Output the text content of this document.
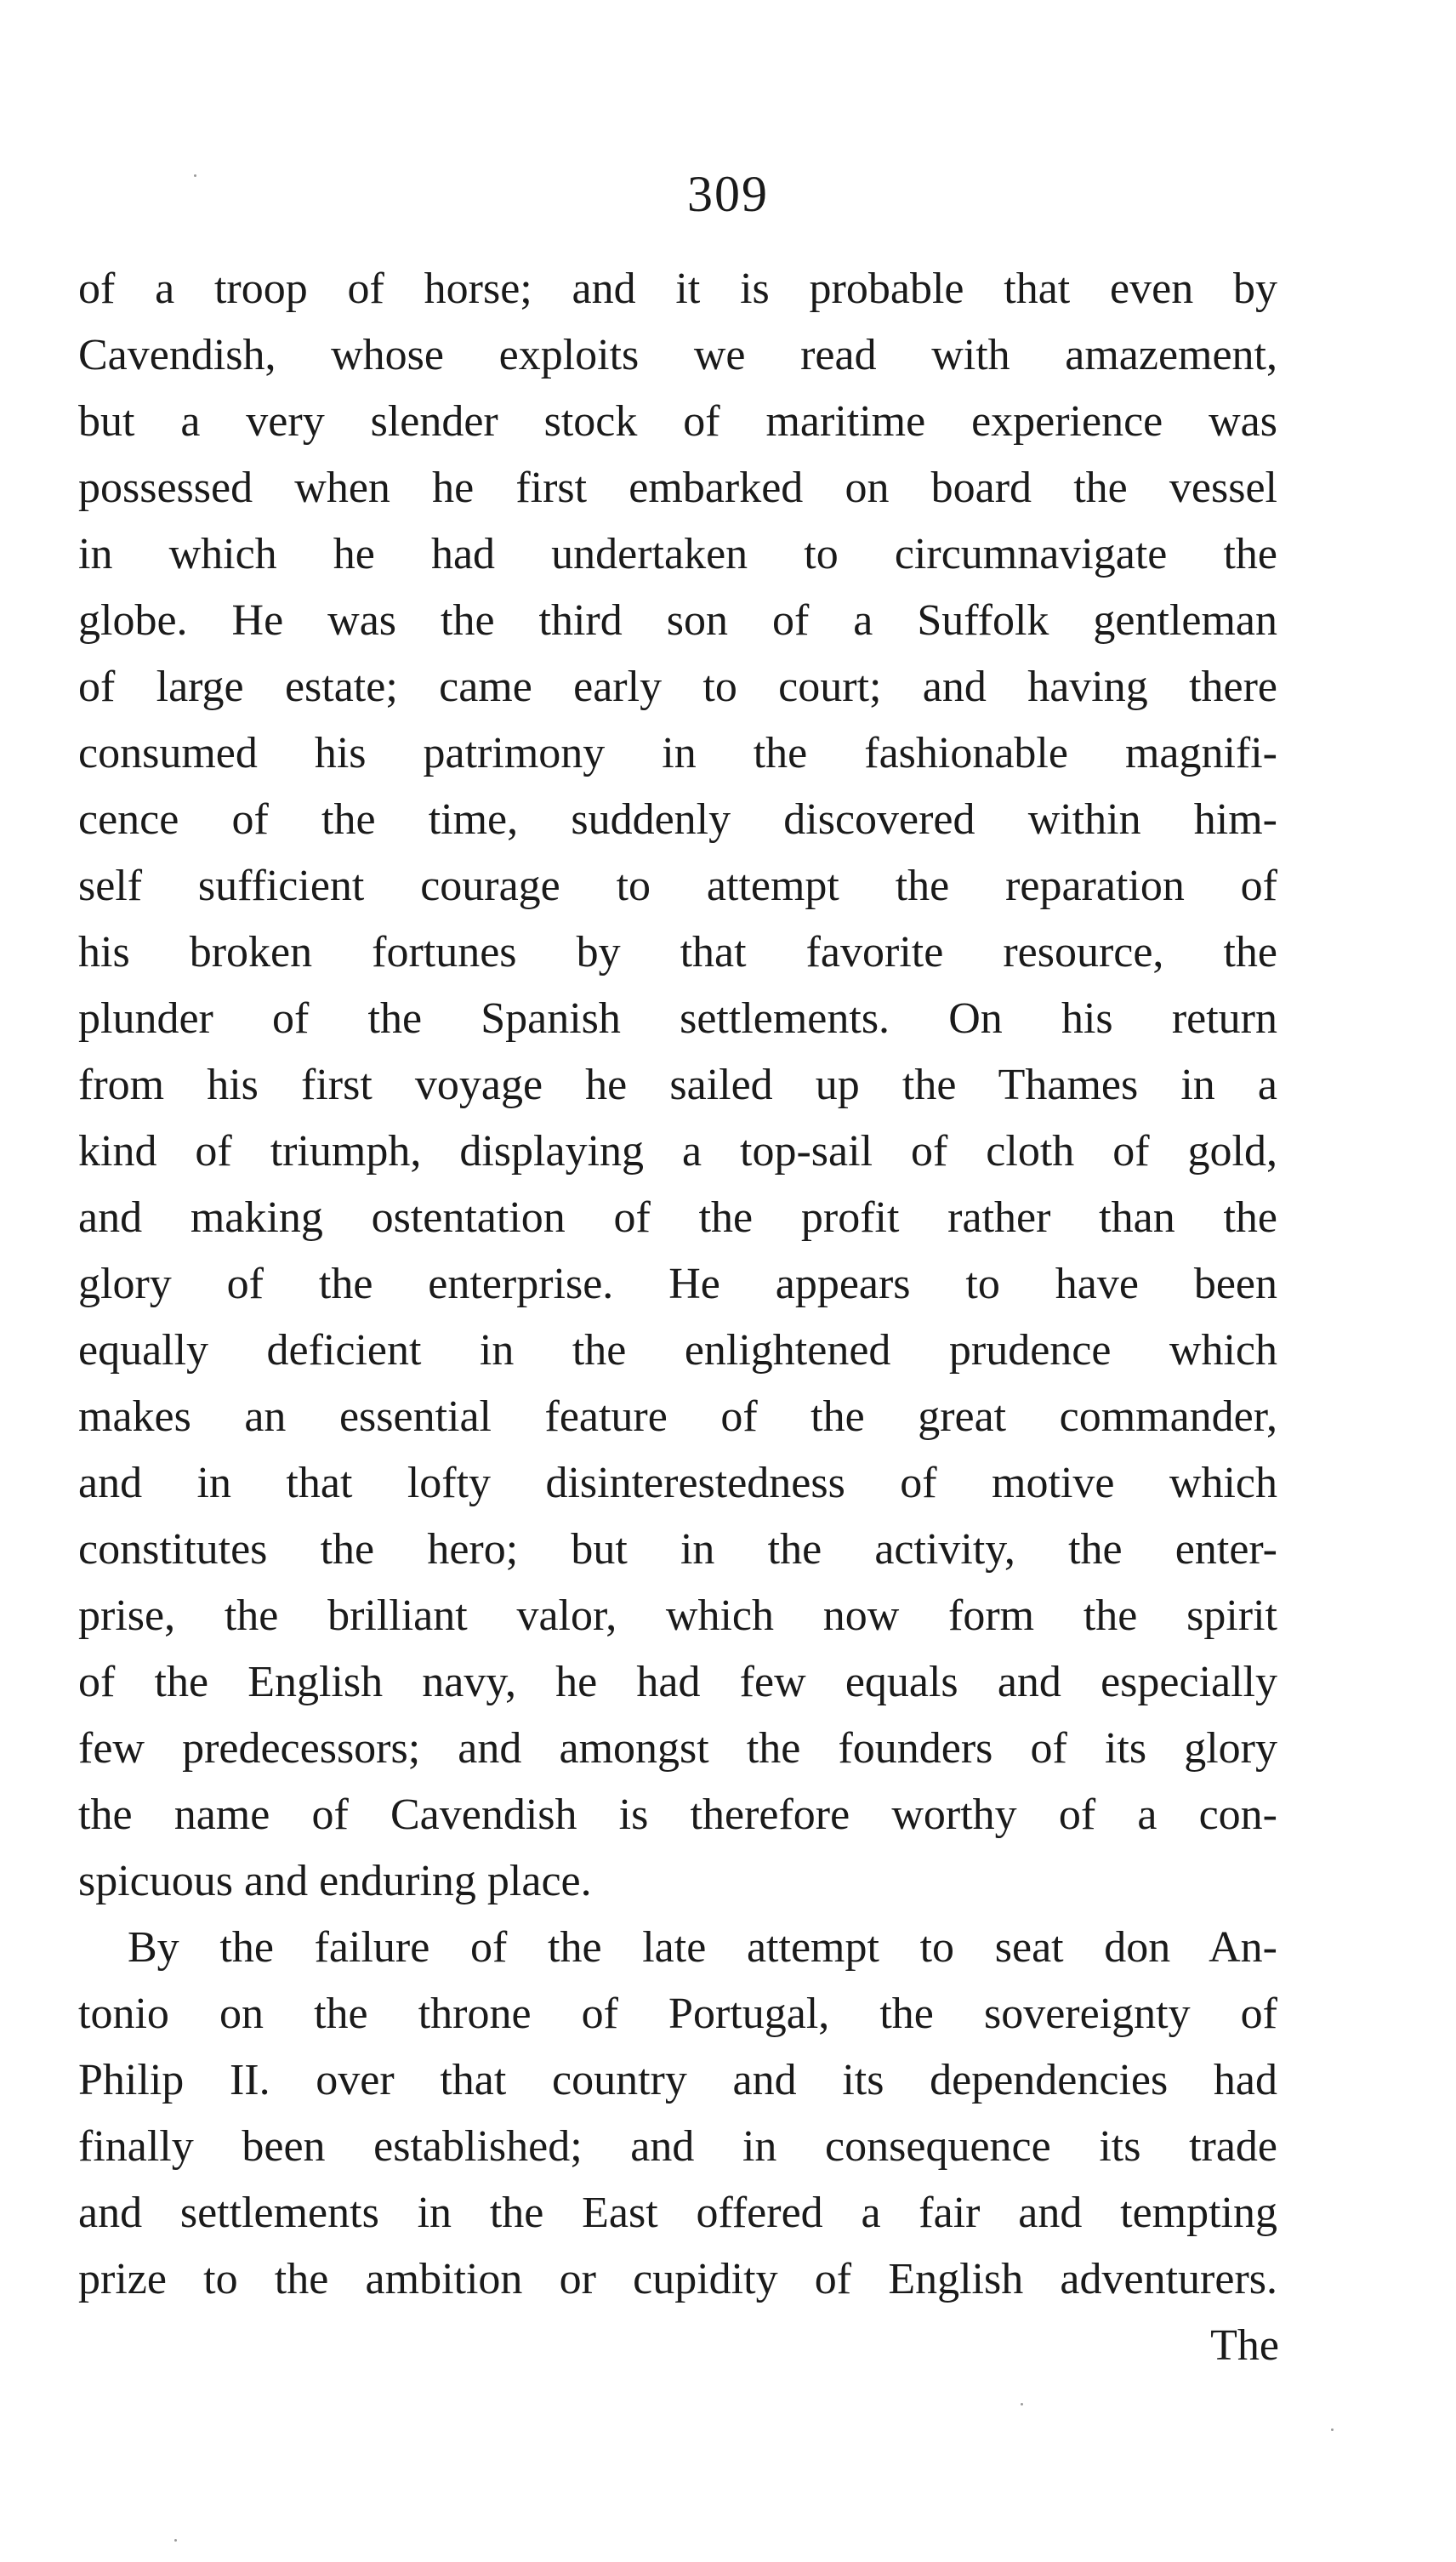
309
of a troop of horse; and it is probable that even by
Cavendish, whose exploits we read with amazement,
but a very slender stock of maritime experience was
possessed when he first embarked on board the vessel
in which he had undertaken to circumnavigate the
globe. He was the third son of a Suffolk gentleman
of large estate; came early to court; and having there
consumed his patrimony in the fashionable magnifi-
cence of the time, suddenly discovered within him-
self sufficient courage to attempt the reparation of
his broken fortunes by that favorite resource, the
plunder of the Spanish settlements. On his return
from his first voyage he sailed up the Thames in a
kind of triumph, displaying a top-sail of cloth of gold,
and making ostentation of the profit rather than the
glory of the enterprise. He appears to have been
equally deficient in the enlightened prudence which
makes an essential feature of the great commander,
and in that lofty disinterestedness of motive which
constitutes the hero; but in the activity, the enter-
prise, the brilliant valor, which now form the spirit
of the English navy, he had few equals and especially
few predecessors; and amongst the founders of its glory
the name of Cavendish is therefore worthy of a con-
spicuous and enduring place.
By the failure of the late attempt to seat don An-
tonio on the throne of Portugal, the sovereignty of
Philip II. over that country and its dependencies had
finally been established; and in consequence its trade
and settlements in the East offered a fair and tempting
prize to the ambition or cupidity of English adventurers.
The
